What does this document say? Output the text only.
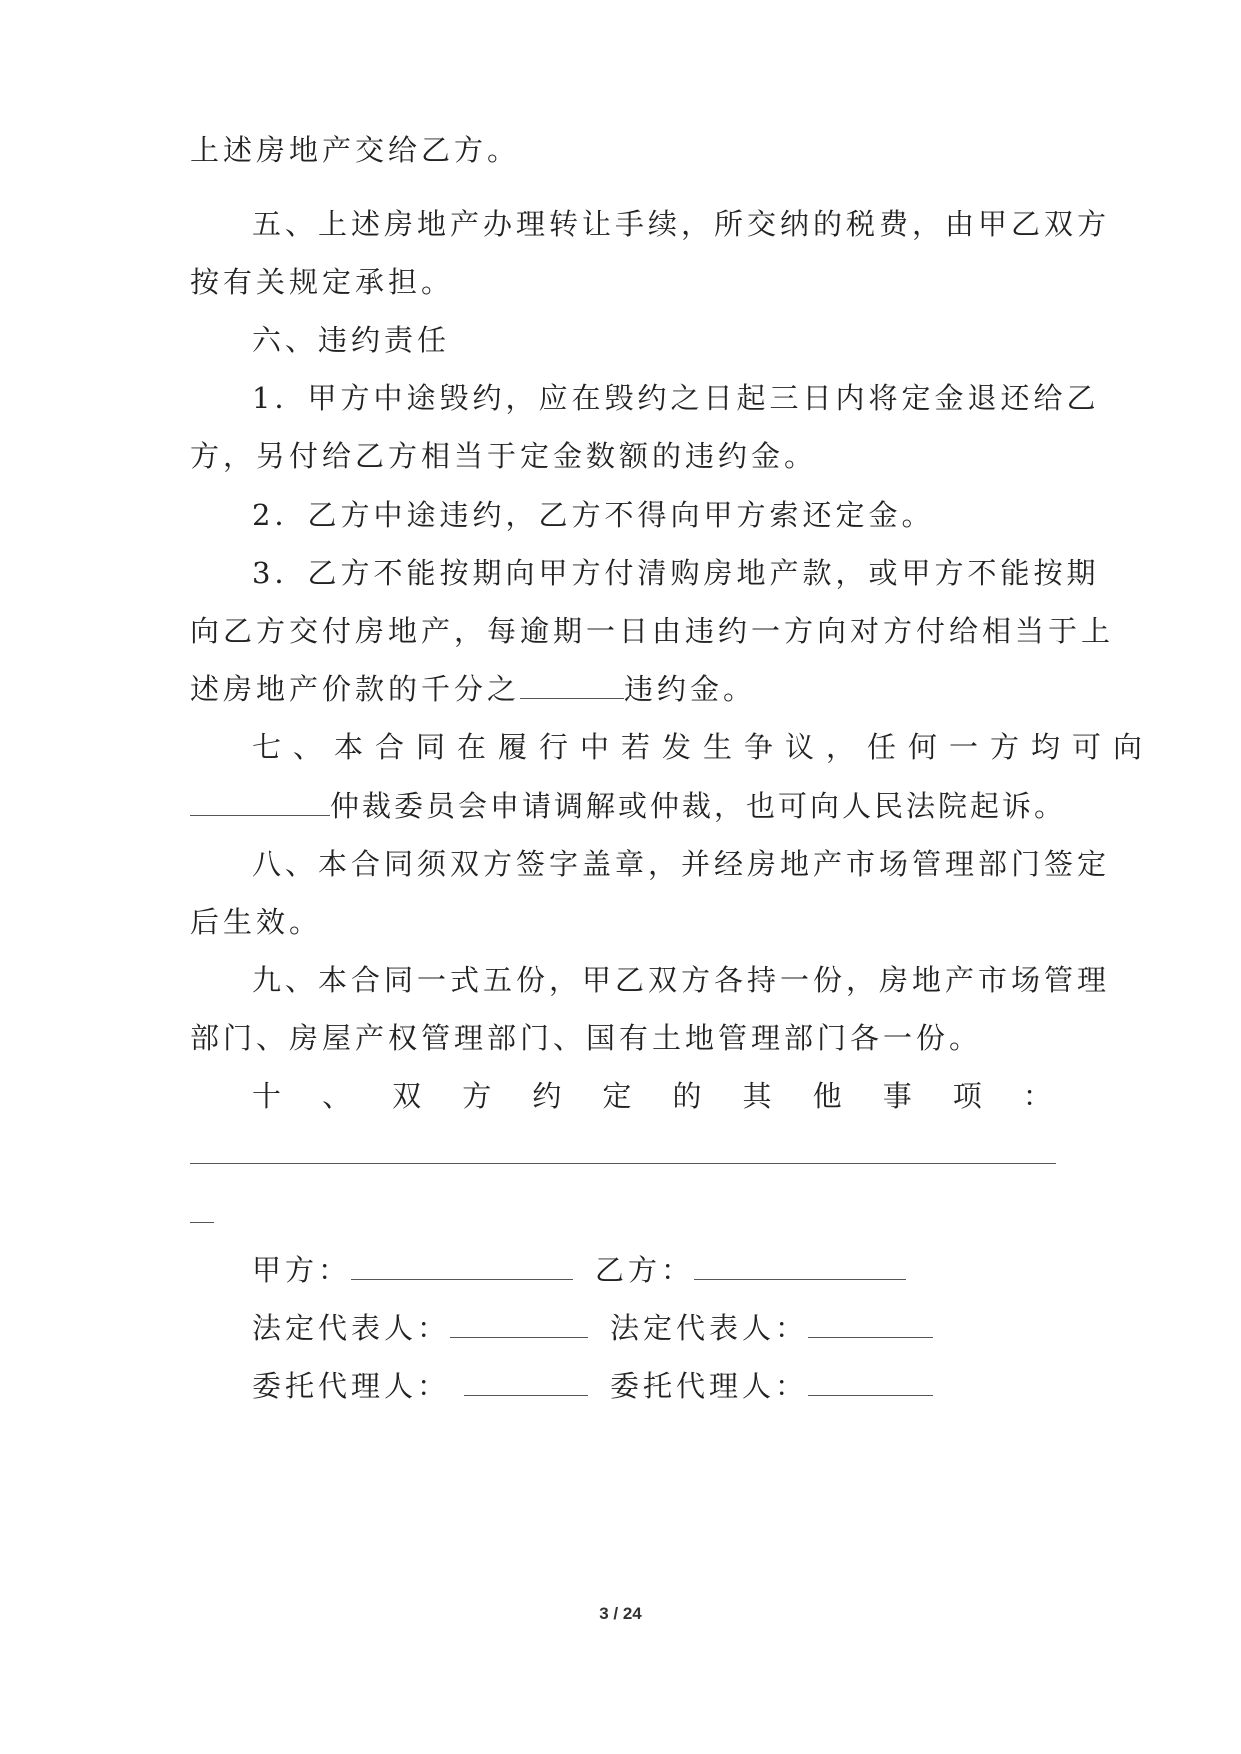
上述房地产交给乙方。
五、上述房地产办理转让手续，所交纳的税费，由甲乙双方
按有关规定承担。
六、违约责任
1．甲方中途毁约，应在毁约之日起三日内将定金退还给乙
方，另付给乙方相当于定金数额的违约金。
2．乙方中途违约，乙方不得向甲方索还定金。
3．乙方不能按期向甲方付清购房地产款，或甲方不能按期
向乙方交付房地产，每逾期一日由违约一方向对方付给相当于上
述房地产价款的千分之	违约金。
七、本合同在履行中若发生争议，任何一方均可向
仲裁委员会申请调解或仲裁，也可向人民法院起诉。
八、本合同须双方签字盖章，并经房地产市场管理部门签定
后生效。
九、本合同一式五份，甲乙双方各持一份，房地产市场管理
部门、房屋产权管理部门、国有土地管理部门各一份。
十 、 双 方 约 定 的 其 他 事 项 ：
甲方：	乙方：
法定代表人：	法定代表人：
委托代理人：	委托代理人：
3 / 24
